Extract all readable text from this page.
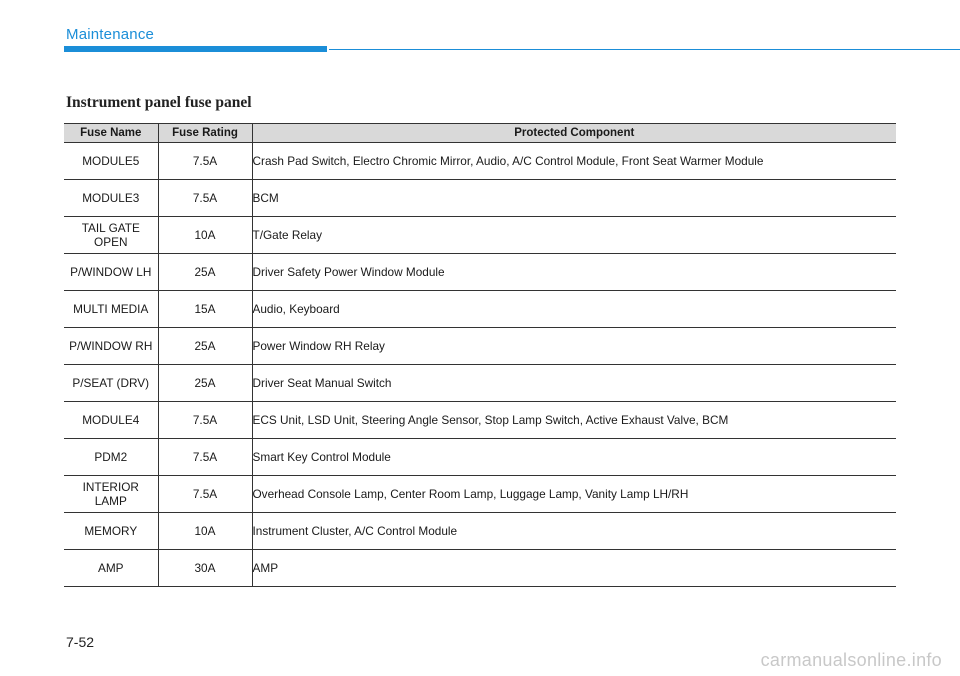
Maintenance
Instrument panel fuse panel
Fuse Name	Fuse Rating	Protected Component
MODULE5	7.5A	Crash Pad Switch, Electro Chromic Mirror, Audio, A/C Control Module, Front Seat Warmer Module
MODULE3	7.5A	BCM
TAIL GATE OPEN	10A	T/Gate Relay
P/WINDOW LH	25A	Driver Safety Power Window Module
MULTI MEDIA	15A	Audio, Keyboard
P/WINDOW RH	25A	Power Window RH Relay
P/SEAT (DRV)	25A	Driver Seat Manual Switch
MODULE4	7.5A	ECS Unit, LSD Unit, Steering Angle Sensor, Stop Lamp Switch, Active Exhaust Valve, BCM
PDM2	7.5A	Smart Key Control Module
INTERIOR LAMP	7.5A	Overhead Console Lamp, Center Room Lamp, Luggage Lamp, Vanity Lamp LH/RH
MEMORY	10A	Instrument Cluster, A/C Control Module
AMP	30A	AMP
7-52
carmanualsonline.info
